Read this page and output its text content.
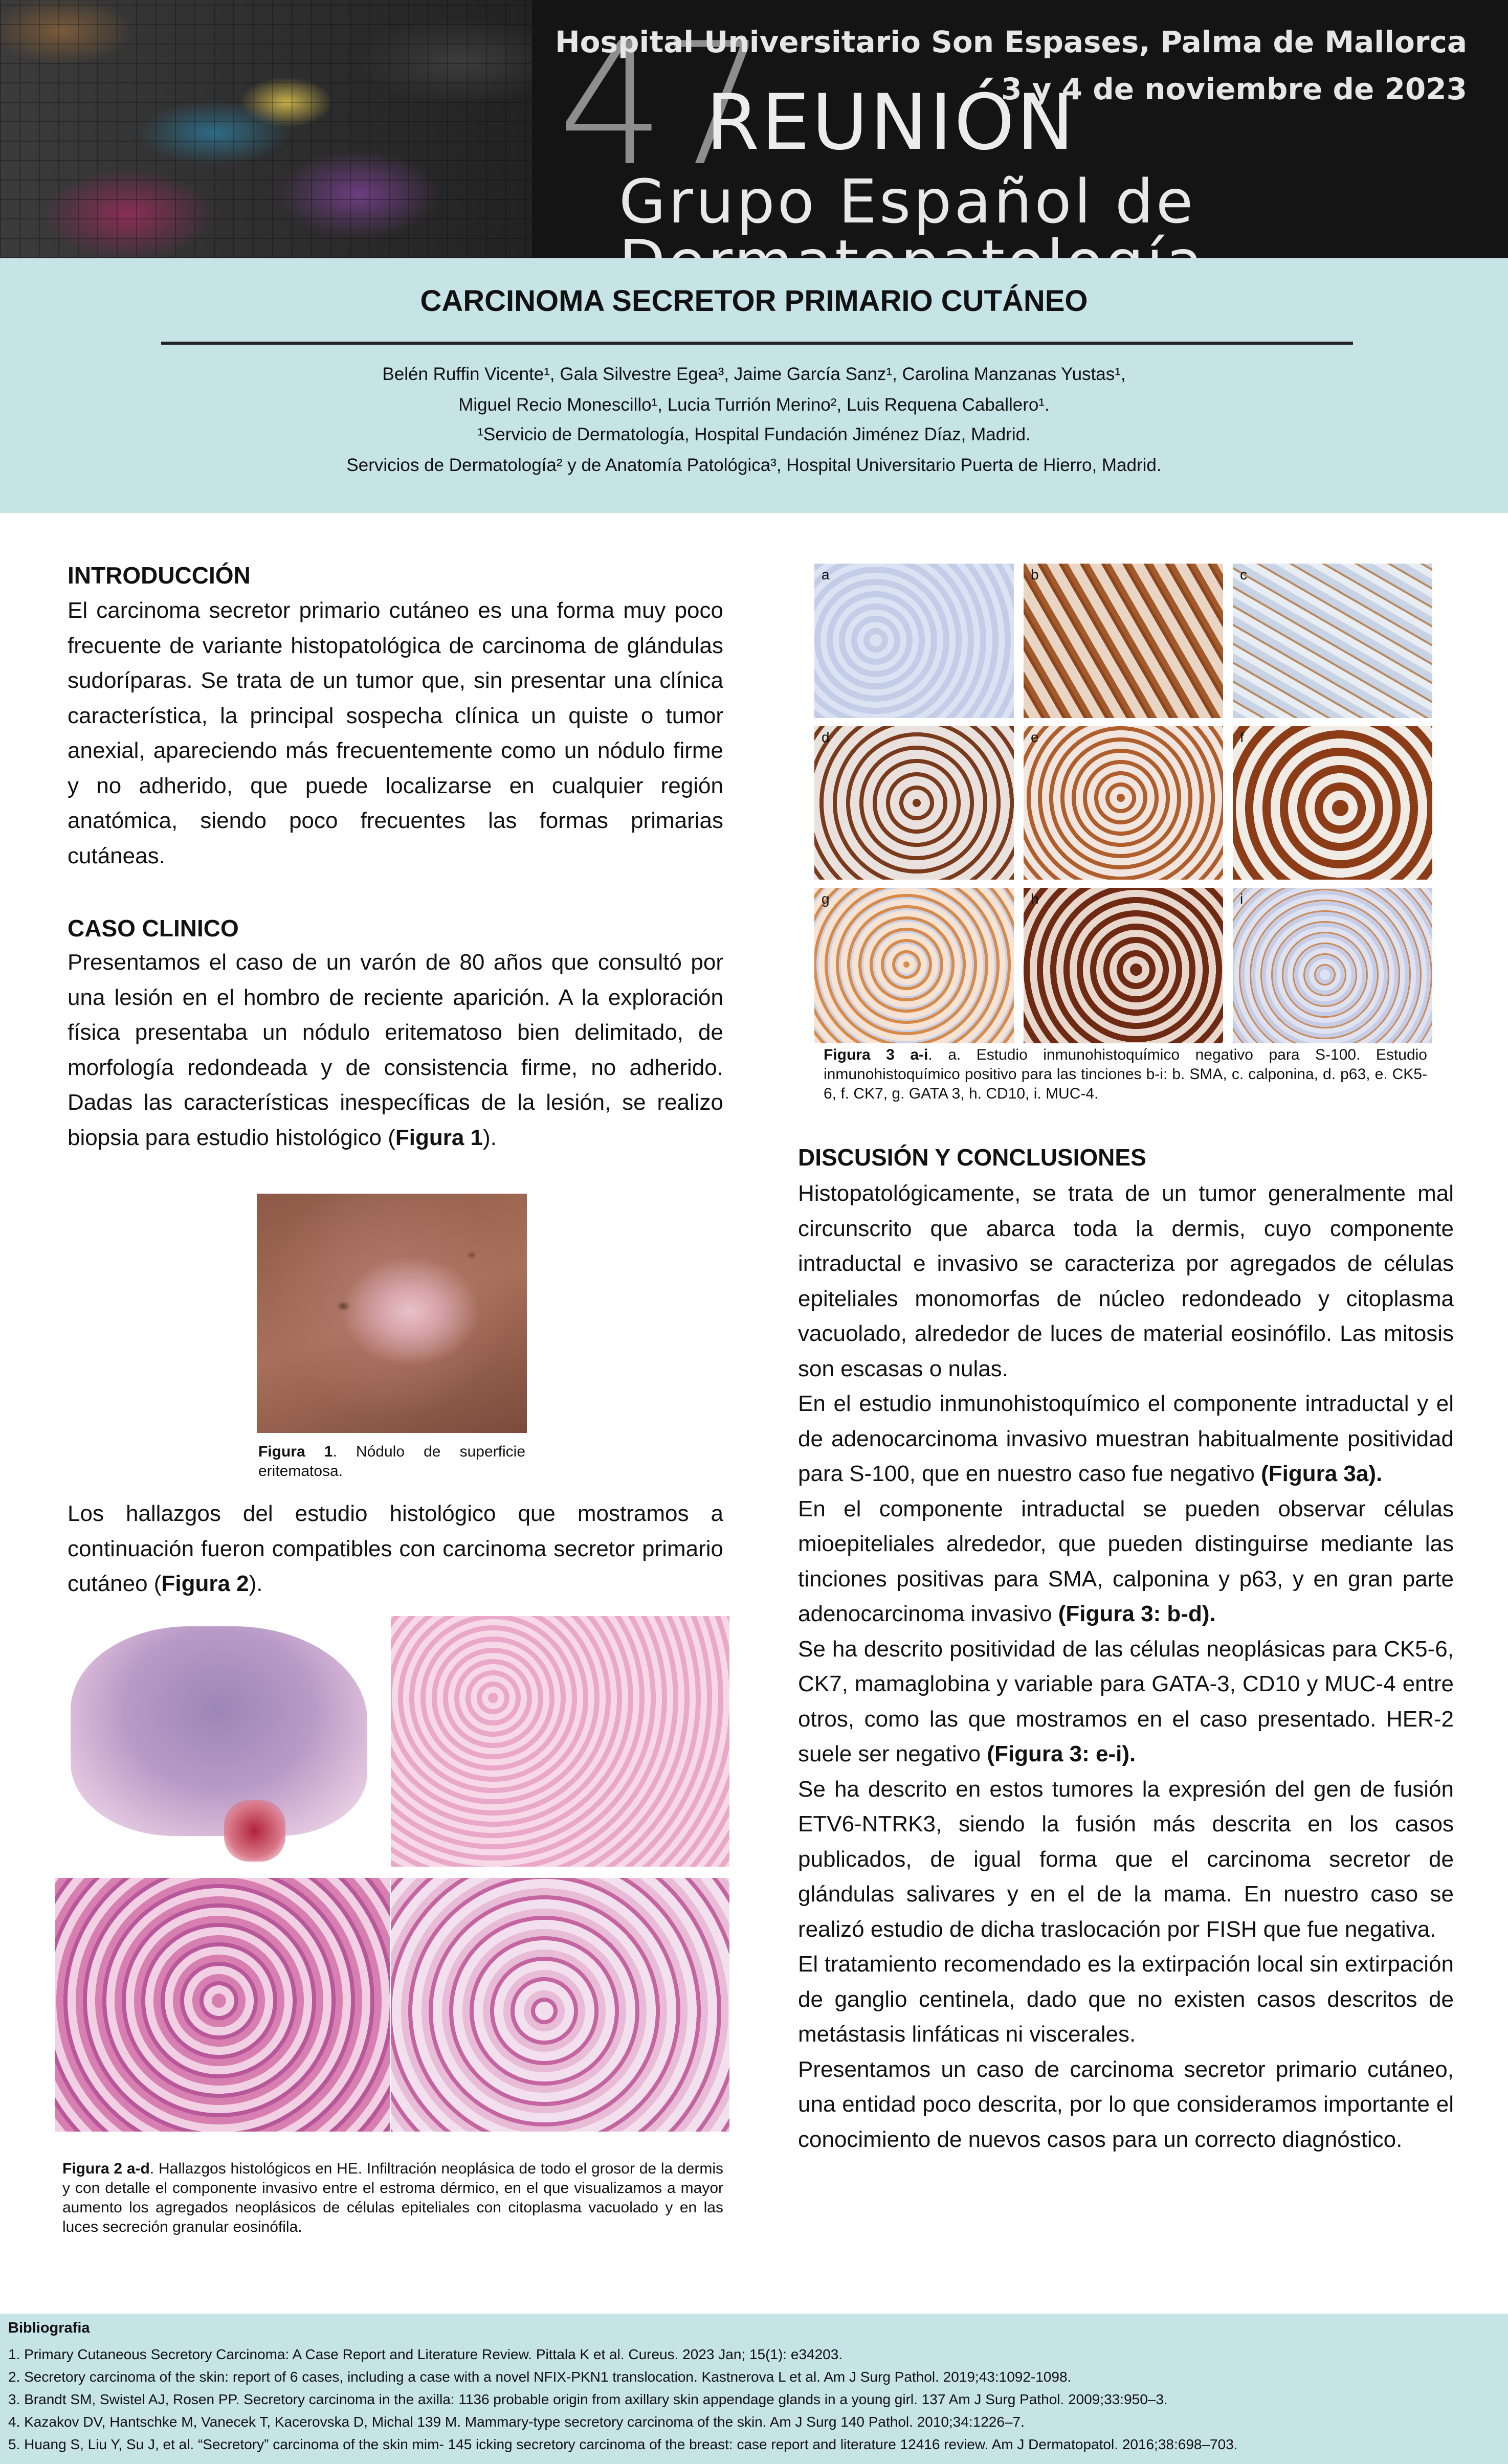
47
REUNIÓN
Grupo Español de
Hospital Universitario Son Espases, Palma de Mallorca
3 y 4 de noviembre de 2023
CARCINOMA SECRETOR PRIMARIO CUTÁNEO
Belén Ruffin Vicente¹, Gala Silvestre Egea³, Jaime García Sanz¹, Carolina Manzanas Yustas¹,
Miguel Recio Monescillo¹, Lucia Turrión Merino², Luis Requena Caballero¹.
¹Servicio de Dermatología, Hospital Fundación Jiménez Díaz, Madrid.
Servicios de Dermatología² y de Anatomía Patológica³, Hospital Universitario Puerta de Hierro, Madrid.
INTRODUCCIÓN
El carcinoma secretor primario cutáneo es una forma muy poco frecuente de variante histopatológica de carcinoma de glándulas sudoríparas. Se trata de un tumor que, sin presentar una clínica característica, la principal sospecha clínica un quiste o tumor anexial, apareciendo más frecuentemente como un nódulo firme y no adherido, que puede localizarse en cualquier región anatómica, siendo poco frecuentes las formas primarias cutáneas.
CASO CLINICO
Presentamos el caso de un varón de 80 años que consultó por una lesión en el hombro de reciente aparición. A la exploración física presentaba un nódulo eritematoso bien delimitado, de morfología redondeada y de consistencia firme, no adherido. Dadas las características inespecíficas de la lesión, se realizo biopsia para estudio histológico (Figura 1).
Figura 1. Nódulo de superficie eritematosa.
Los hallazgos del estudio histológico que mostramos a continuación fueron compatibles con carcinoma secretor primario cutáneo (Figura 2).
Figura 2 a-d. Hallazgos histológicos en HE. Infiltración neoplásica de todo el grosor de la dermis y con detalle el componente invasivo entre el estroma dérmico, en el que visualizamos a mayor aumento los agregados neoplásicos de células epiteliales con citoplasma vacuolado y en las luces secreción granular eosinófila.
a	b	c
d	e	f
g	h	i
Figura 3 a-i. a. Estudio inmunohistoquímico negativo para S-100. Estudio inmunohistoquímico positivo para las tinciones b-i: b. SMA, c. calponina, d. p63, e. CK5-6, f. CK7, g. GATA 3, h. CD10, i. MUC-4.
DISCUSIÓN Y CONCLUSIONES
Histopatológicamente, se trata de un tumor generalmente mal circunscrito que abarca toda la dermis, cuyo componente intraductal e invasivo se caracteriza por agregados de células epiteliales monomorfas de núcleo redondeado y citoplasma vacuolado, alrededor de luces de material eosinófilo. Las mitosis son escasas o nulas.
En el estudio inmunohistoquímico el componente intraductal y el de adenocarcinoma invasivo muestran habitualmente positividad para S-100, que en nuestro caso fue negativo (Figura 3a).
En el componente intraductal se pueden observar células mioepiteliales alrededor, que pueden distinguirse mediante las tinciones positivas para SMA, calponina y p63, y en gran parte adenocarcinoma invasivo (Figura 3: b-d).
Se ha descrito positividad de las células neoplásicas para CK5-6, CK7, mamaglobina y variable para GATA-3, CD10 y MUC-4 entre otros, como las que mostramos en el caso presentado. HER-2 suele ser negativo (Figura 3: e-i).
Se ha descrito en estos tumores la expresión del gen de fusión ETV6-NTRK3, siendo la fusión más descrita en los casos publicados, de igual forma que el carcinoma secretor de glándulas salivares y en el de la mama. En nuestro caso se realizó estudio de dicha traslocación por FISH que fue negativa.
El tratamiento recomendado es la extirpación local sin extirpación de ganglio centinela, dado que no existen casos descritos de metástasis linfáticas ni viscerales.
Presentamos un caso de carcinoma secretor primario cutáneo, una entidad poco descrita, por lo que consideramos importante el conocimiento de nuevos casos para un correcto diagnóstico.
Bibliografia
1. Primary Cutaneous Secretory Carcinoma: A Case Report and Literature Review. Pittala K et al. Cureus. 2023 Jan; 15(1): e34203.
2. Secretory carcinoma of the skin: report of 6 cases, including a case with a novel NFIX-PKN1 translocation. Kastnerova L et al. Am J Surg Pathol. 2019;43:1092-1098.
3. Brandt SM, Swistel AJ, Rosen PP. Secretory carcinoma in the axilla: 1136 probable origin from axillary skin appendage glands in a young girl. 137 Am J Surg Pathol. 2009;33:950–3.
4. Kazakov DV, Hantschke M, Vanecek T, Kacerovska D, Michal 139 M. Mammary-type secretory carcinoma of the skin. Am J Surg 140 Pathol. 2010;34:1226–7.
5. Huang S, Liu Y, Su J, et al. “Secretory” carcinoma of the skin mim- 145 icking secretory carcinoma of the breast: case report and literature 12416 review. Am J Dermatopatol. 2016;38:698–703.
